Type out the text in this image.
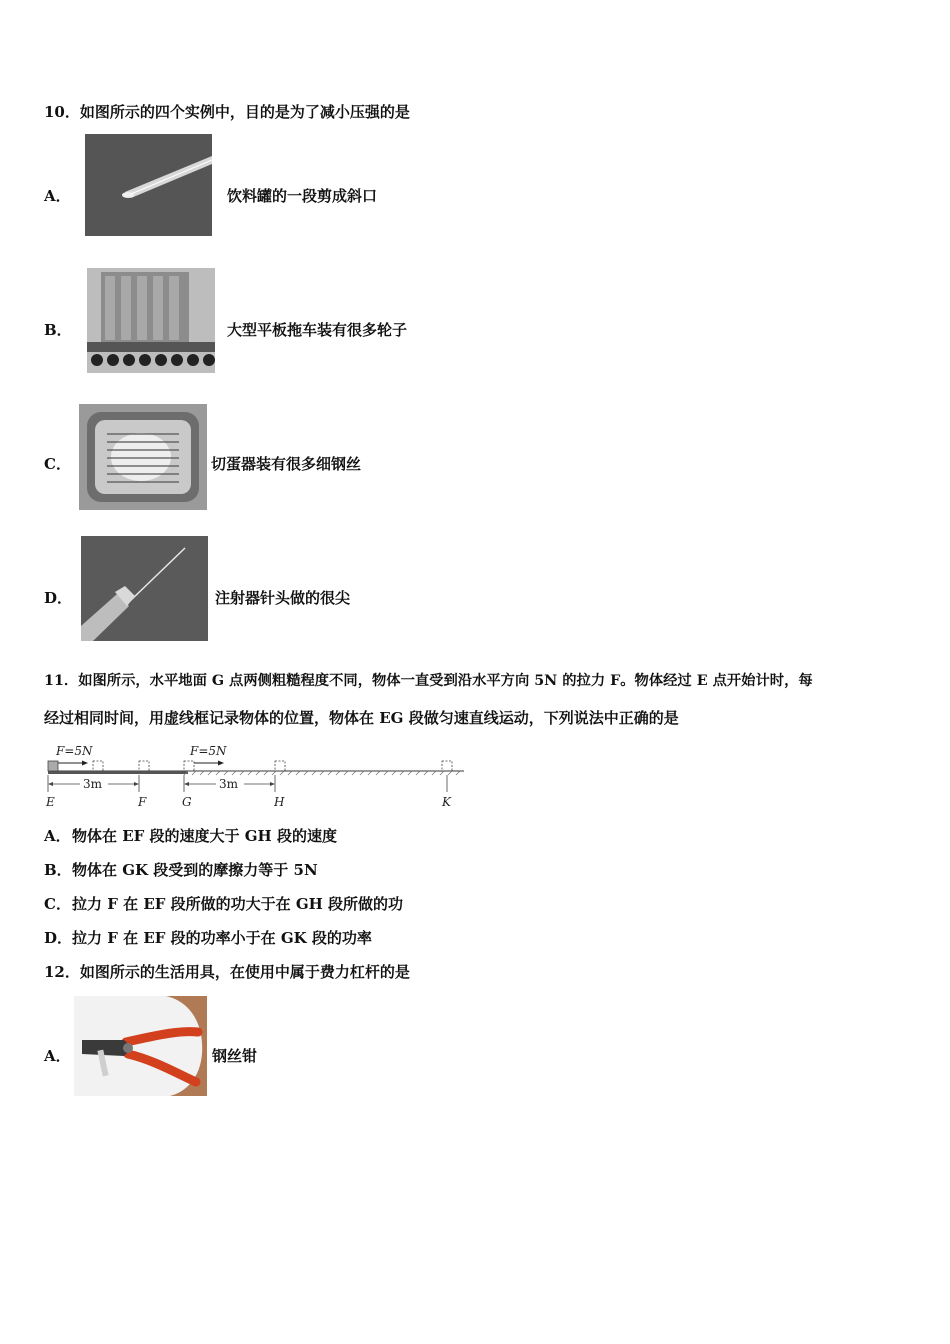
10．如图所示的四个实例中，目的是为了减小压强的是
A．	饮料罐的一段剪成斜口
B．	大型平板拖车装有很多轮子
C．	切蛋器装有很多细钢丝
D．	注射器针头做的很尖
11．如图所示，水平地面 G 点两侧粗糙程度不同，物体一直受到沿水平方向 5N 的拉力 F。物体经过 E 点开始计时，每
经过相同时间，用虚线框记录物体的位置，物体在 EG 段做匀速直线运动，下列说法中正确的是
F=5N	F=5N
3m	3m
E	F	G	H	K
A． 物体在 EF 段的速度大于 GH 段的速度
B． 物体在 GK 段受到的摩擦力等于 5N
C． 拉力 F 在 EF 段所做的功大于在 GH 段所做的功
D． 拉力 F 在 EF 段的功率小于在 GK 段的功率
12．如图所示的生活用具，在使用中属于费力杠杆的是
A．	钢丝钳
